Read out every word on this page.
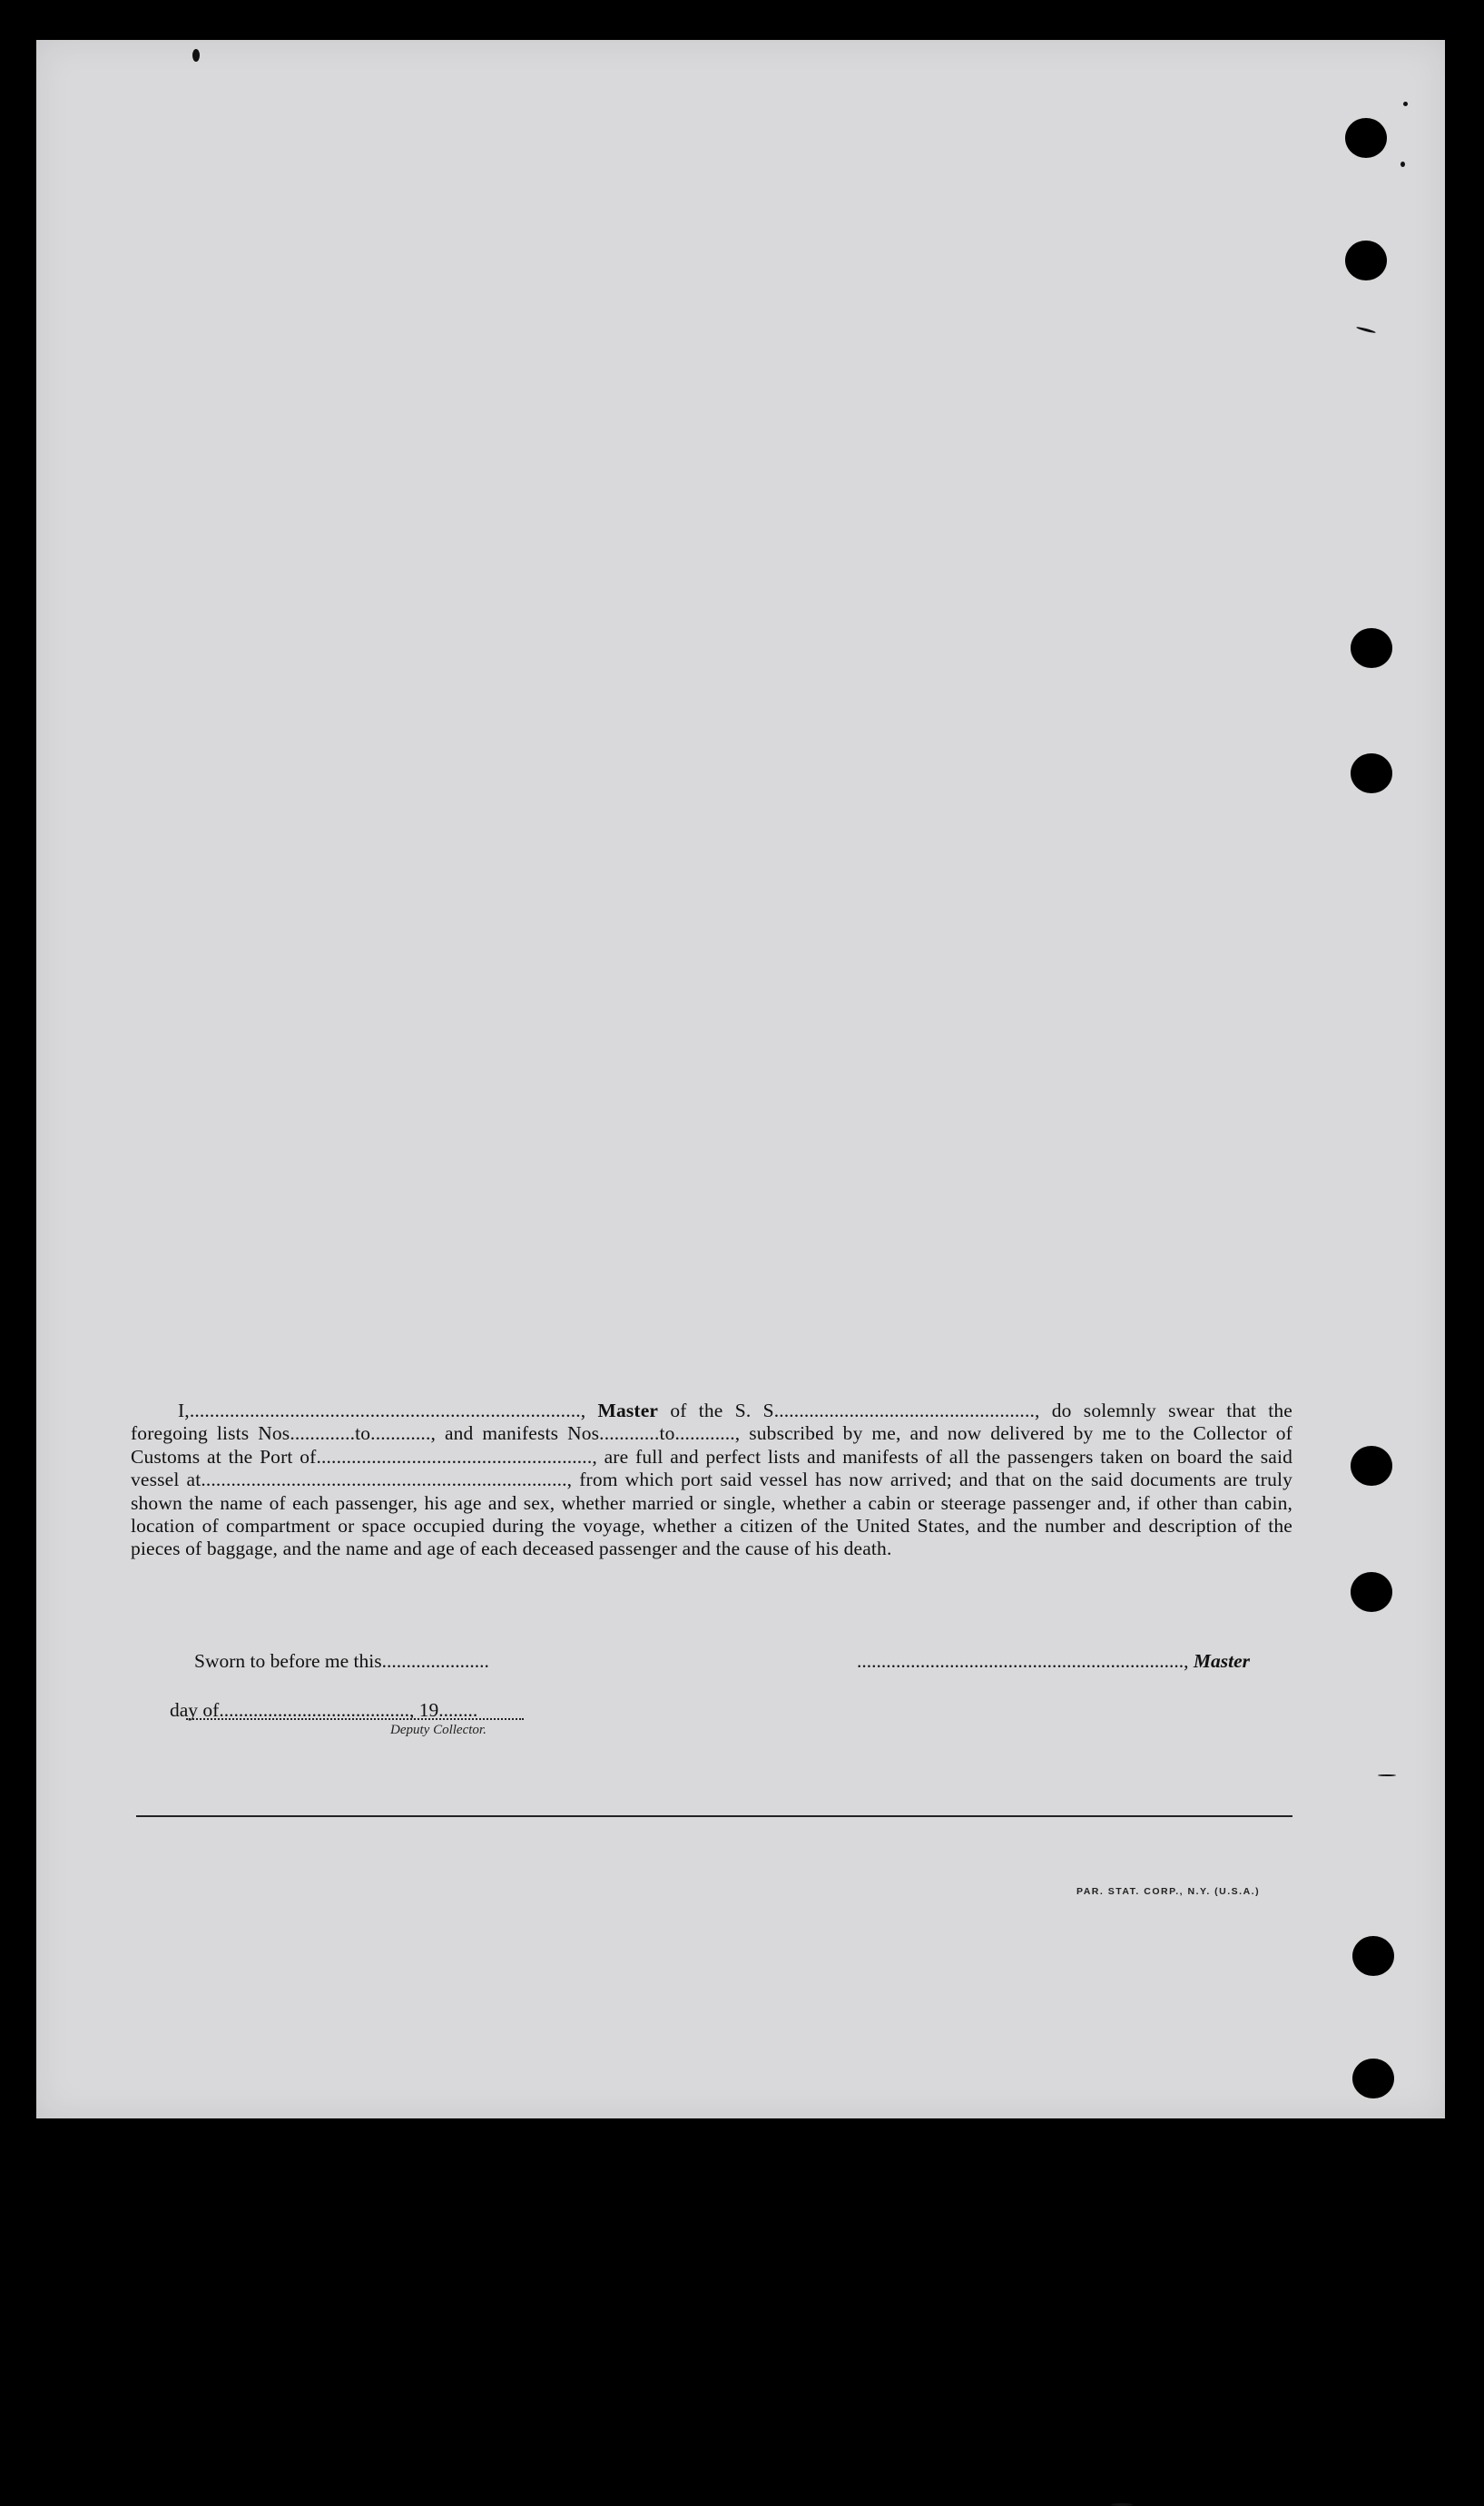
I,.............................................................................., Master of the S. S...................................................., do solemnly swear that the foregoing lists Nos.............to............, and manifests Nos............to............, subscribed by me, and now delivered by me to the Collector of Customs at the Port of......................................................., are full and perfect lists and manifests of all the passengers taken on board the said vessel at........................................................................., from which port said vessel has now arrived; and that on the said documents are truly shown the name of each passenger, his age and sex, whether married or single, whether a cabin or steerage passenger and, if other than cabin, location of compartment or space occupied during the voyage, whether a citizen of the United States, and the number and description of the pieces of baggage, and the name and age of each deceased passenger and the cause of his death.

Sworn to before me this......................	..................................................................., Master
day of......................................., 19........
Deputy Collector.
PAR. STAT. CORP., N.Y. (U.S.A.)
